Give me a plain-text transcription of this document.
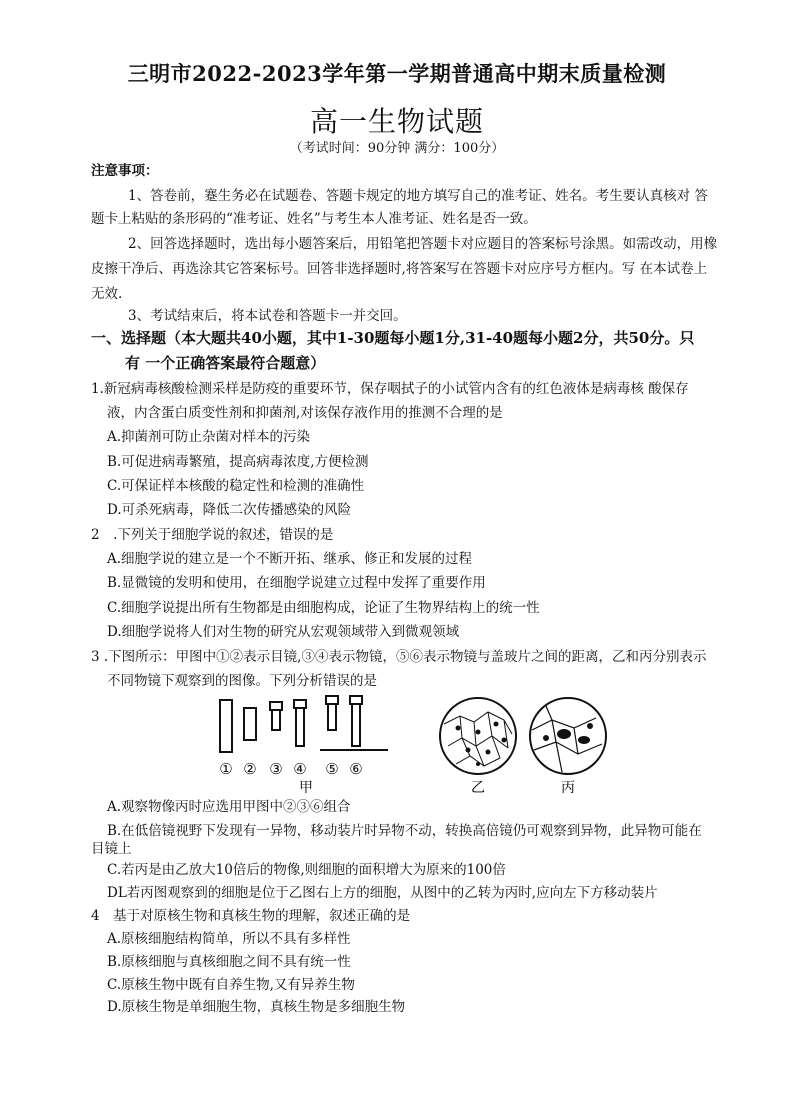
三明市2022-2023学年第一学期普通高中期末质量检测
高一生物试题
（考试时间：90分钟 满分：100分）
注意事项：
1、答卷前，蹇生务必在试题卷、答题卡规定的地方填写自己的准考证、姓名。考生要认真核对 答
题卡上粘贴的条形码的“准考证、姓名”与考生本人准考证、姓名是否一致。
2、回答选择题时，选出每小题答案后，用铅笔把答题卡对应题目的答案标号涂黑。如需改动，用橡
皮擦干净后、再选涂其它答案标号。回答非选择题时,将答案写在答题卡对应序号方框内。写 在本试卷上
无效.
3、考试结束后，将本试卷和答题卡一并交回。
一、选择题（本大题共40小题，其中1-30题每小题1分,31-40题每小题2分，共50分。只
有 一个正确答案最符合题意）
1.新冠病毒核酸检测采样是防疫的重要环节，保存咽拭子的小试管内含有的红色液体是病毒核 酸保存
液，内含蛋白质变性剂和抑菌剂,对该保存液作用的推测不合理的是
A.抑菌剂可防止杂菌对样本的污染
B.可促进病毒繁殖，提高病毒浓度,方便检测
C.可保证样本核酸的稳定性和检测的准确性
D.可杀死病毒，降低二次传播感染的风险
2　.下列关于细胞学说的叙述，错误的是
A.细胞学说的建立是一个不断开拓、继承、修正和发展的过程
B.显微镜的发明和使用，在细胞学说建立过程中发挥了重要作用
C.细胞学说提出所有生物都是由细胞构成，论证了生物界结构上的统一性
D.细胞学说将人们对生物的研究从宏观领域带入到微观领域
3 .下图所示：甲图中①②表示目镜,③④表示物镜，⑤⑥表示物镜与盖玻片之间的距离，乙和丙分别表示
不同物镜下观察到的图像。下列分析错误的是
① ② ③ ④ ⑤ ⑥
甲	乙	丙
A.观察物像丙时应选用甲图中②③⑥组合
B.在低倍镜视野下发现有一异物，移动装片时异物不动，转换高倍镜仍可观察到异物，此异物可能在
目镜上
C.若丙是由乙放大10倍后的物像,则细胞的面积增大为原来的100倍
DL若丙图观察到的细胞是位于乙图右上方的细胞，从图中的乙转为丙时,应向左下方移动装片
4　基于对原核生物和真核生物的理解，叙述正确的是
A.原核细胞结构简单，所以不具有多样性
B.原核细胞与真核细胞之间不具有统一性
C.原核生物中既有自养生物,又有异养生物
D.原核生物是单细胞生物，真核生物是多细胞生物
